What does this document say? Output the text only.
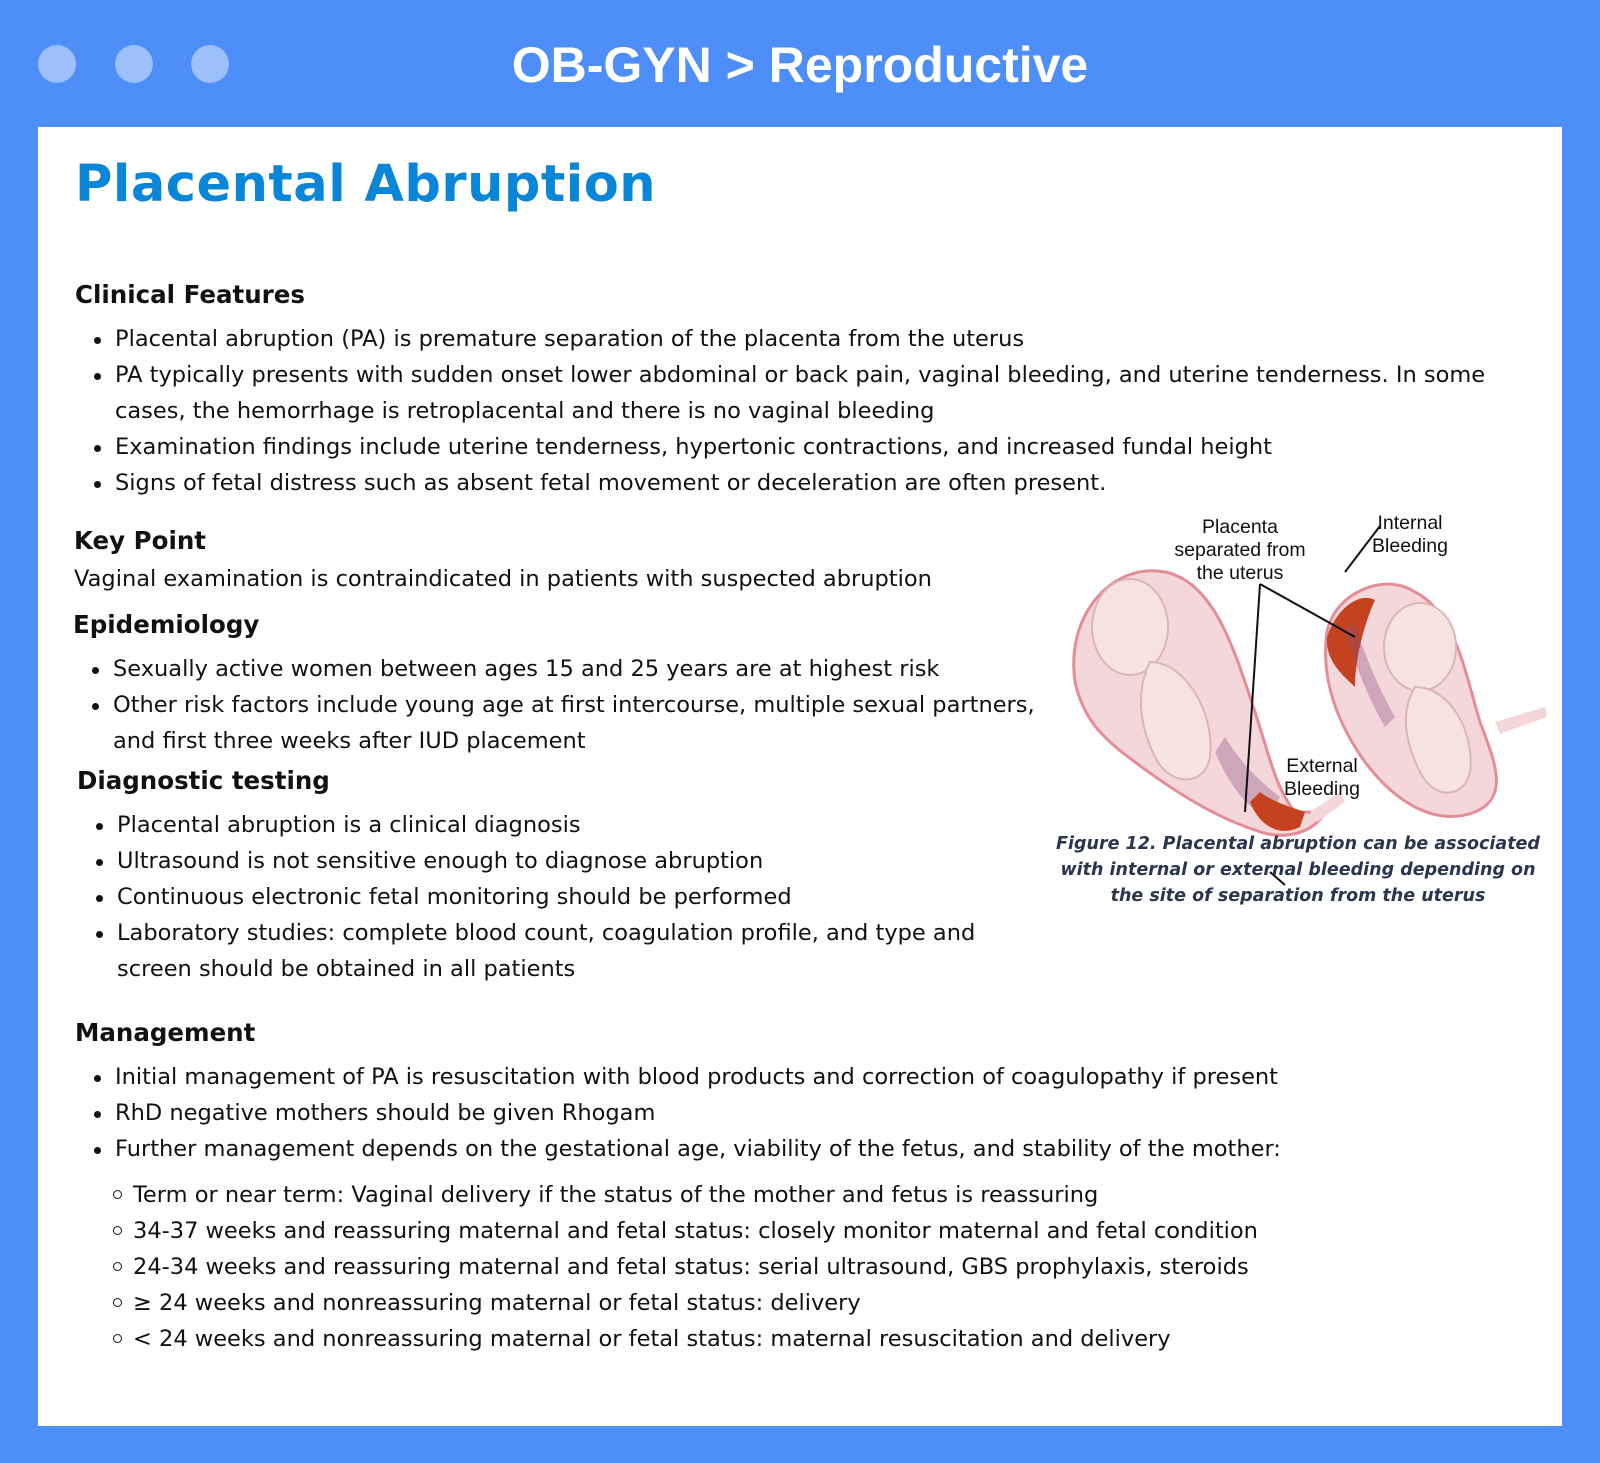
OB-GYN > Reproductive
Placental Abruption
Clinical Features
Placental abruption (PA) is premature separation of the placenta from the uterus
PA typically presents with sudden onset lower abdominal or back pain, vaginal bleeding, and uterine tenderness. In some cases, the hemorrhage is retroplacental and there is no vaginal bleeding
Examination findings include uterine tenderness, hypertonic contractions, and increased fundal height
Signs of fetal distress such as absent fetal movement or deceleration are often present.
Key Point
Vaginal examination is contraindicated in patients with suspected abruption
Epidemiology
Sexually active women between ages 15 and 25 years are at highest risk
Other risk factors include young age at first intercourse, multiple sexual partners, and first three weeks after IUD placement
Diagnostic testing
Placental abruption is a clinical diagnosis
Ultrasound is not sensitive enough to diagnose abruption
Continuous electronic fetal monitoring should be performed
Laboratory studies: complete blood count, coagulation profile, and type and screen should be obtained in all patients
Management
Initial management of PA is resuscitation with blood products and correction of coagulopathy if present
RhD negative mothers should be given Rhogam
Further management depends on the gestational age, viability of the fetus, and stability of the mother:
Term or near term: Vaginal delivery if the status of the mother and fetus is reassuring
34-37 weeks and reassuring maternal and fetal status: closely monitor maternal and fetal condition
24-34 weeks and reassuring maternal and fetal status: serial ultrasound, GBS prophylaxis, steroids
≥ 24 weeks and nonreassuring maternal or fetal status: delivery
< 24 weeks and nonreassuring maternal or fetal status: maternal resuscitation and delivery
Placenta
separated from
the uterus
Internal
Bleeding
External
Bleeding
Figure 12. Placental abruption can be associated with internal or external bleeding depending on the site of separation from the uterus
